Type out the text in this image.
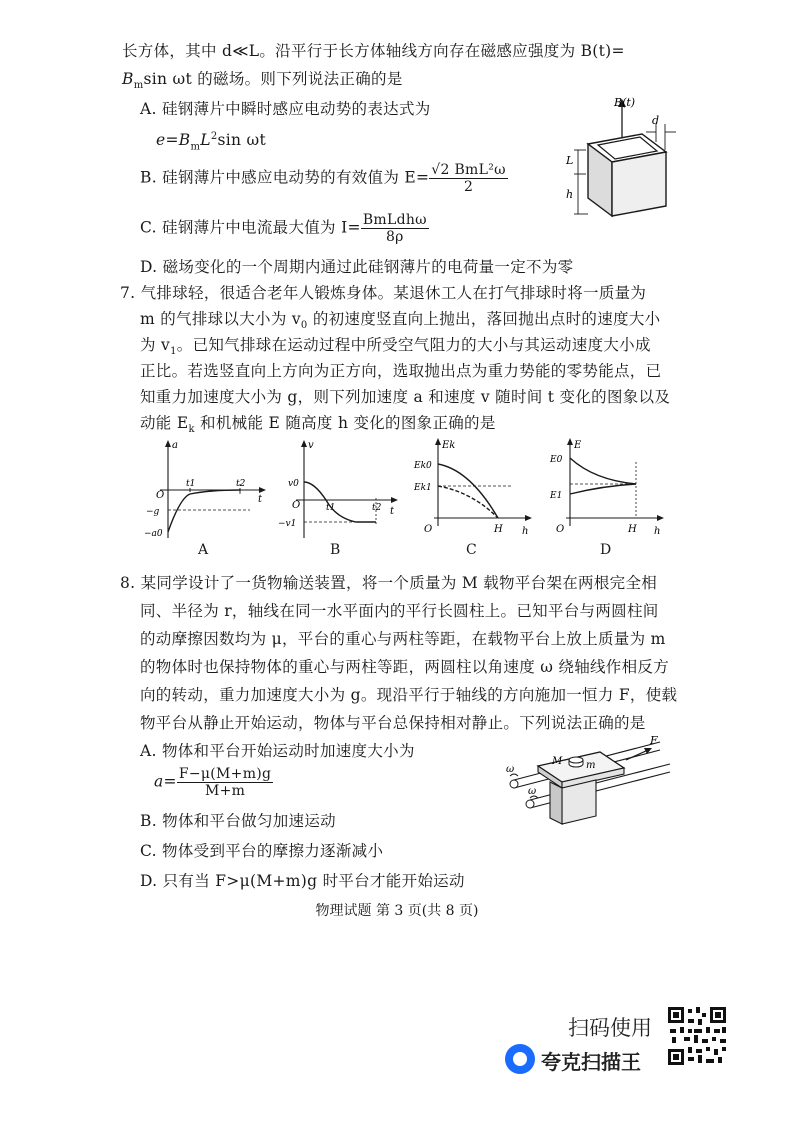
长方体，其中 d≪L。沿平行于长方体轴线方向存在磁感应强度为 B(t)=
$B_m\sin$ ωt 的磁场。则下列说法正确的是
A. 硅钢薄片中瞬时感应电动势的表达式为
$e=B_mL^2\sin$ ωt
B. 硅钢薄片中感应电动势的有效值为 $E= \frac{\text{√2 BmL²ω}}{2}$
C. 硅钢薄片中电流最大值为 $I= \frac{\text{BmLdhω}}{8\rho}$
D. 磁场变化的一个周期内通过此硅钢薄片的电荷量一定不为零
B(t)
d
L
h
7. 气排球轻，很适合老年人锻炼身体。某退休工人在打气排球时将一质量为
m 的气排球以大小为 $v_0$ 的初速度竖直向上抛出，落回抛出点时的速度大小
为 $v_1$。已知气排球在运动过程中所受空气阻力的大小与其运动速度大小成
正比。若选竖直向上方向为正方向，选取抛出点为重力势能的零势能点，已
知重力加速度大小为 g，则下列加速度 a 和速度 v 随时间 t 变化的图象以及
动能 $E_k$ 和机械能 E 随高度 h 变化的图象正确的是
a
t
O
t1	t2
−g
−a0
A
v
t
O
v0
−v1
t1	t2
B
Ek
h
O
Ek0
Ek1
H
C
E
h
O
E0
E1
H
D
8. 某同学设计了一货物输送装置，将一个质量为 M 载物平台架在两根完全相
同、半径为 r，轴线在同一水平面内的平行长圆柱上。已知平台与两圆柱间
的动摩擦因数均为 μ，平台的重心与两柱等距，在载物平台上放上质量为 m
的物体时也保持物体的重心与两柱等距，两圆柱以角速度 ω 绕轴线作相反方
向的转动，重力加速度大小为 g。现沿平行于轴线的方向施加一恒力 F，使载
物平台从静止开始运动，物体与平台总保持相对静止。下列说法正确的是
A. 物体和平台开始运动时加速度大小为
$a= \frac{F-\mu(M+m)g}{M+m}$
B. 物体和平台做匀加速运动
C. 物体受到平台的摩擦力逐渐减小
D. 只有当 F>μ(M+m)g 时平台才能开始运动
M m
F
ω
ω
物理试题 第 3 页(共 8 页)
扫码使用
夸克扫描王
